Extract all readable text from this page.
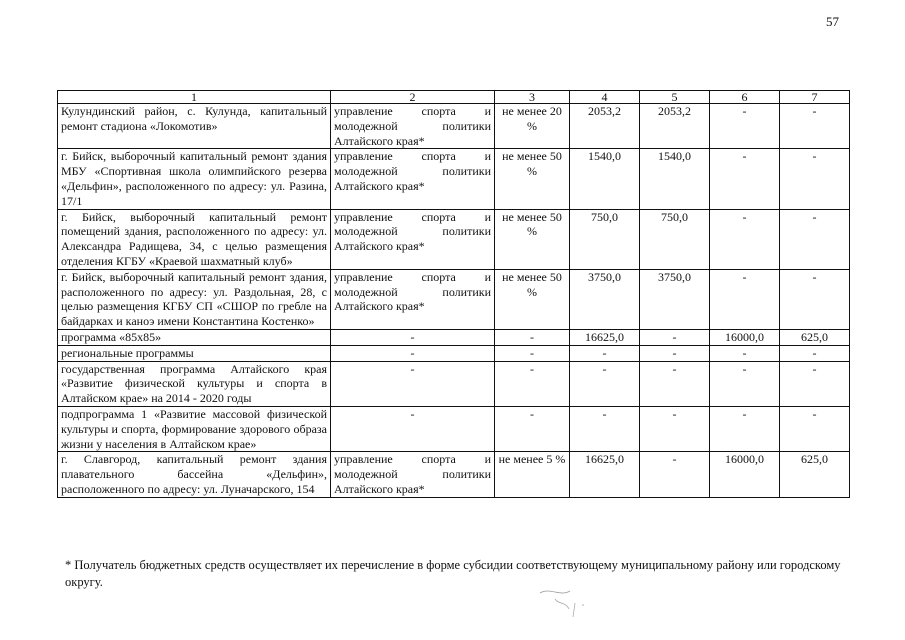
57
1	2	3	4	5	6	7
Кулундинский район, с. Кулунда, капитальный ремонт стадиона «Локомотив»	управление спорта и молодежной политики Алтайского края*	не менее 20 %	2053,2	2053,2	-	-
г. Бийск, выборочный капитальный ремонт здания МБУ «Спортивная школа олимпийского резерва «Дельфин», расположенного по адресу: ул. Разина, 17/1	управление спорта и молодежной политики Алтайского края*	не менее 50 %	1540,0	1540,0	-	-
г. Бийск, выборочный капитальный ремонт помещений здания, расположенного по адресу: ул. Александра Радищева, 34, с целью размещения отделения КГБУ «Краевой шахматный клуб»	управление спорта и молодежной политики Алтайского края*	не менее 50 %	750,0	750,0	-	-
г. Бийск, выборочный капитальный ремонт здания, расположенного по адресу: ул. Раздольная, 28, с целью размещения КГБУ СП «СШОР по гребле на байдарках и каноэ имени Константина Костенко»	управление спорта и молодежной политики Алтайского края*	не менее 50 %	3750,0	3750,0	-	-
программа «85х85»	-	-	16625,0	-	16000,0	625,0
региональные программы	-	-	-	-	-	-
государственная программа Алтайского края «Развитие физической культуры и спорта в Алтайском крае» на 2014 - 2020 годы	-	-	-	-	-	-
подпрограмма 1 «Развитие массовой физической культуры и спорта, формирование здорового образа жизни у населения в Алтайском крае»	-	-	-	-	-	-
г. Славгород, капитальный ремонт здания плавательного бассейна «Дельфин», расположенного по адресу: ул. Луначарского, 154	управление спорта и молодежной политики Алтайского края*	не менее 5 %	16625,0	-	16000,0	625,0
* Получатель бюджетных средств осуществляет их перечисление в форме субсидии соответствующему муниципальному району или городскому округу.
